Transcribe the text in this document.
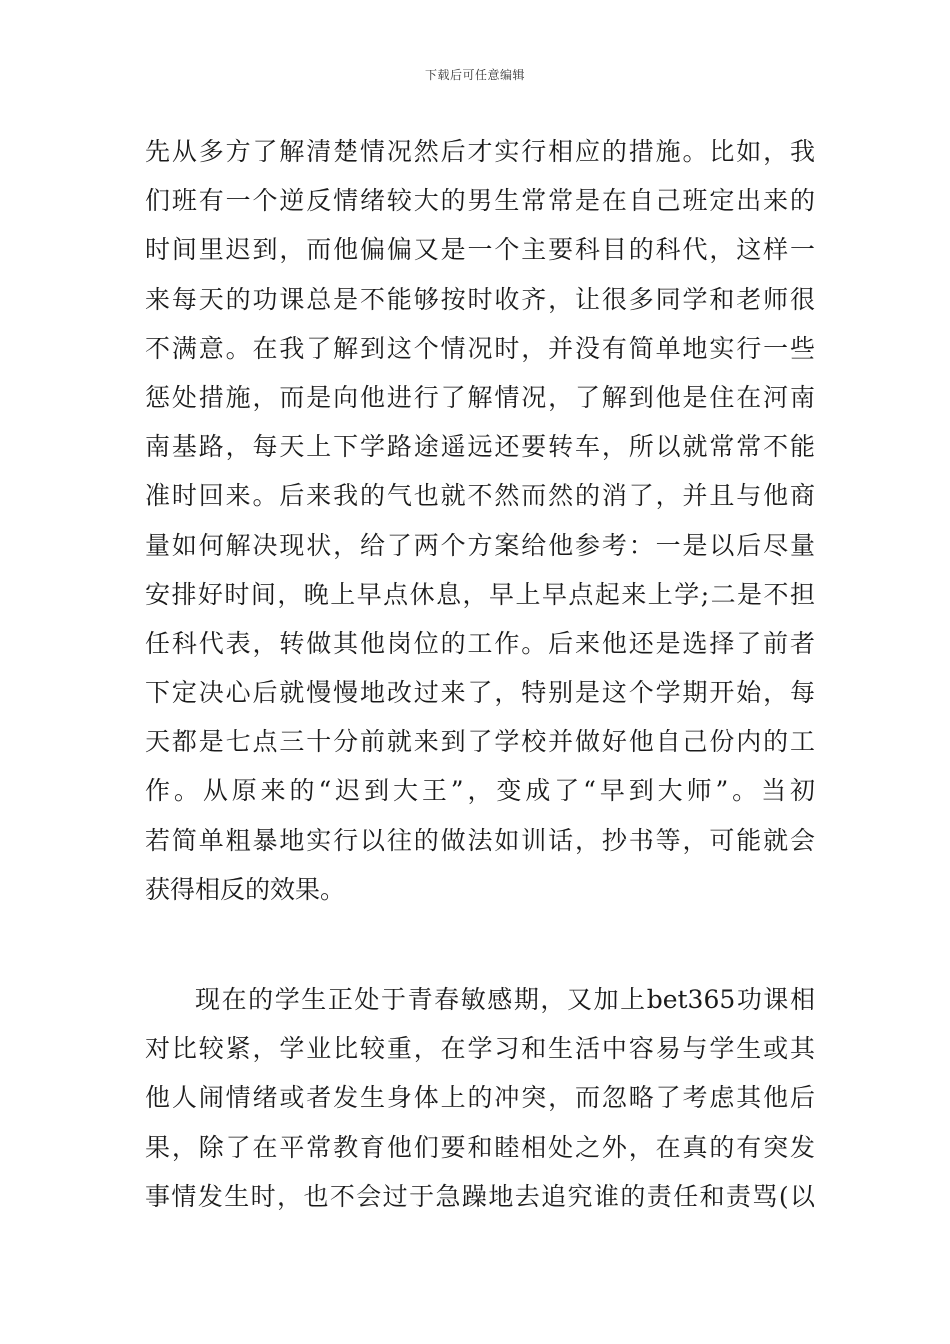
下载后可任意编辑
先从多方了解清楚情况然后才实行相应的措施。比如，我
们班有一个逆反情绪较大的男生常常是在自己班定出来的
时间里迟到，而他偏偏又是一个主要科目的科代，这样一
来每天的功课总是不能够按时收齐，让很多同学和老师很
不满意。在我了解到这个情况时，并没有简单地实行一些
惩处措施，而是向他进行了解情况，了解到他是住在河南
南基路，每天上下学路途遥远还要转车，所以就常常不能
准时回来。后来我的气也就不然而然的消了，并且与他商
量如何解决现状，给了两个方案给他参考：一是以后尽量
安排好时间，晚上早点休息，早上早点起来上学;二是不担
任科代表，转做其他岗位的工作。后来他还是选择了前者
下定决心后就慢慢地改过来了，特别是这个学期开始，每
天都是七点三十分前就来到了学校并做好他自己份内的工
作。从原来的“迟到大王”，变成了“早到大师”。当初
若简单粗暴地实行以往的做法如训话，抄书等，可能就会
获得相反的效果。
现在的学生正处于青春敏感期，又加上bet365功课相
对比较紧，学业比较重，在学习和生活中容易与学生或其
他人闹情绪或者发生身体上的冲突，而忽略了考虑其他后
果，除了在平常教育他们要和睦相处之外，在真的有突发
事情发生时，也不会过于急躁地去追究谁的责任和责骂(以
